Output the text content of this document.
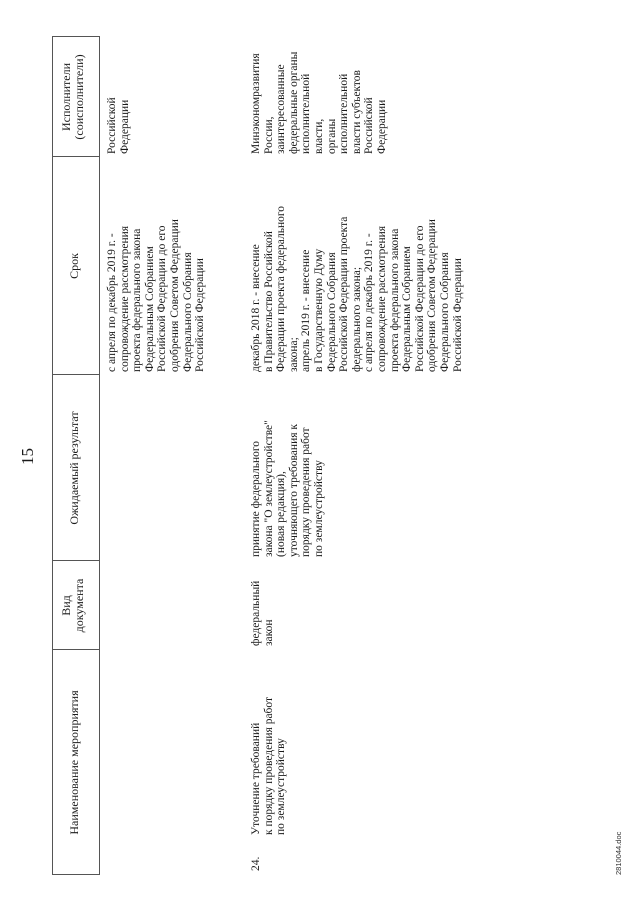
15
Наименование мероприятия
Вид документа
Ожидаемый результат
Срок
Исполнители (соисполнители)
с апреля по декабрь 2019 г. - сопровождение рассмотрения проекта федерального закона Федеральным Собранием Российской Федерации до его одобрения Советом Федерации Федерального Собрания Российской Федерации
Российской Федерации
24.
Уточнение требований к порядку проведения работ по землеустройству
федеральный закон
принятие федерального закона "О землеустройстве" (новая редакция), уточняющего требования к порядку проведения работ по землеустройству
декабрь 2018 г. - внесение в Правительство Российской Федерации проекта федерального закона; апрель 2019 г. - внесение в Государственную Думу Федерального Собрания Российской Федерации проекта федерального закона; с апреля по декабрь 2019 г. - сопровождение рассмотрения проекта федерального закона Федеральным Собранием Российской Федерации до его одобрения Советом Федерации Федерального Собрания Российской Федерации
Минэкономразвития России, заинтересованные федеральные органы исполнительной власти, органы исполнительной власти субъектов Российской Федерации
2810044.doc
